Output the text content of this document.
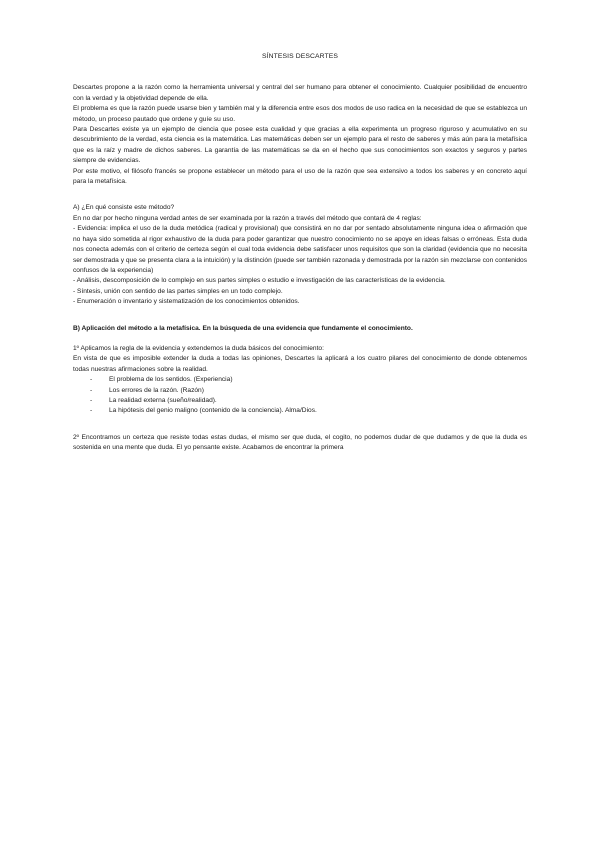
SÍNTESIS DESCARTES

Descartes propone a la razón como la herramienta universal y central del ser humano para obtener el conocimiento. Cualquier posibilidad de encuentro con la verdad y la objetividad depende de ella.

El problema es que la razón puede usarse bien y también mal y la diferencia entre esos dos modos de uso radica en la necesidad de que se establezca un método, un proceso pautado que ordene y guíe su uso.

Para Descartes existe ya un ejemplo de ciencia que posee esta cualidad y que gracias a ella experimenta un progreso riguroso y acumulativo en su descubrimiento de la verdad, esta ciencia es la matemática. Las matemáticas deben ser un ejemplo para el resto de saberes y más aún para la metafísica que es la raíz y madre de dichos saberes. La garantía de las matemáticas se da en el hecho que sus conocimientos son exactos y seguros y partes siempre de evidencias.

Por este motivo, el filósofo francés se propone establecer un método para el uso de la razón que sea extensivo a todos los saberes y en concreto aquí para la metafísica.

A) ¿En qué consiste este método?

En no dar por hecho ninguna verdad antes de ser examinada por la razón a través del método que contará de 4 reglas:

- Evidencia: implica el uso de la duda metódica (radical y provisional) que consistirá en no dar por sentado absolutamente ninguna idea o afirmación que no haya sido sometida al rigor exhaustivo de la duda para poder garantizar que nuestro conocimiento no se apoye en ideas falsas o erróneas. Esta duda nos conecta además con el criterio de certeza según el cual toda evidencia debe satisfacer unos requisitos que son la claridad (evidencia que no necesita ser demostrada y que se presenta clara a la intuición) y la distinción (puede ser también razonada y demostrada por la razón sin mezclarse con contenidos confusos de la experiencia)

- Análisis, descomposición de lo complejo en sus partes simples o estudio e investigación de las características de la evidencia.

- Síntesis, unión con sentido de las partes simples en un todo complejo.

- Enumeración o inventario y sistematización de los conocimientos obtenidos.

B) Aplicación del método a la metafísica. En la búsqueda de una evidencia que fundamente el conocimiento.

1º Aplicamos la regla de la evidencia y extendemos la duda básicos del conocimiento:

En vista de que es imposible extender la duda a todas las opiniones, Descartes la aplicará a los cuatro pilares del conocimiento de donde obtenemos todas nuestras afirmaciones sobre la realidad.

-	El problema de los sentidos. (Experiencia)
-	Los errores de la razón. (Razón)
-	La realidad externa (sueño/realidad).
-	La hipótesis del genio maligno (contenido de la conciencia). Alma/Dios.

2º Encontramos un certeza que resiste todas estas dudas, el mismo ser que duda, el cogito, no podemos dudar de que dudamos y de que la duda es sostenida en una mente que duda. El yo pensante existe. Acabamos de encontrar la primera
